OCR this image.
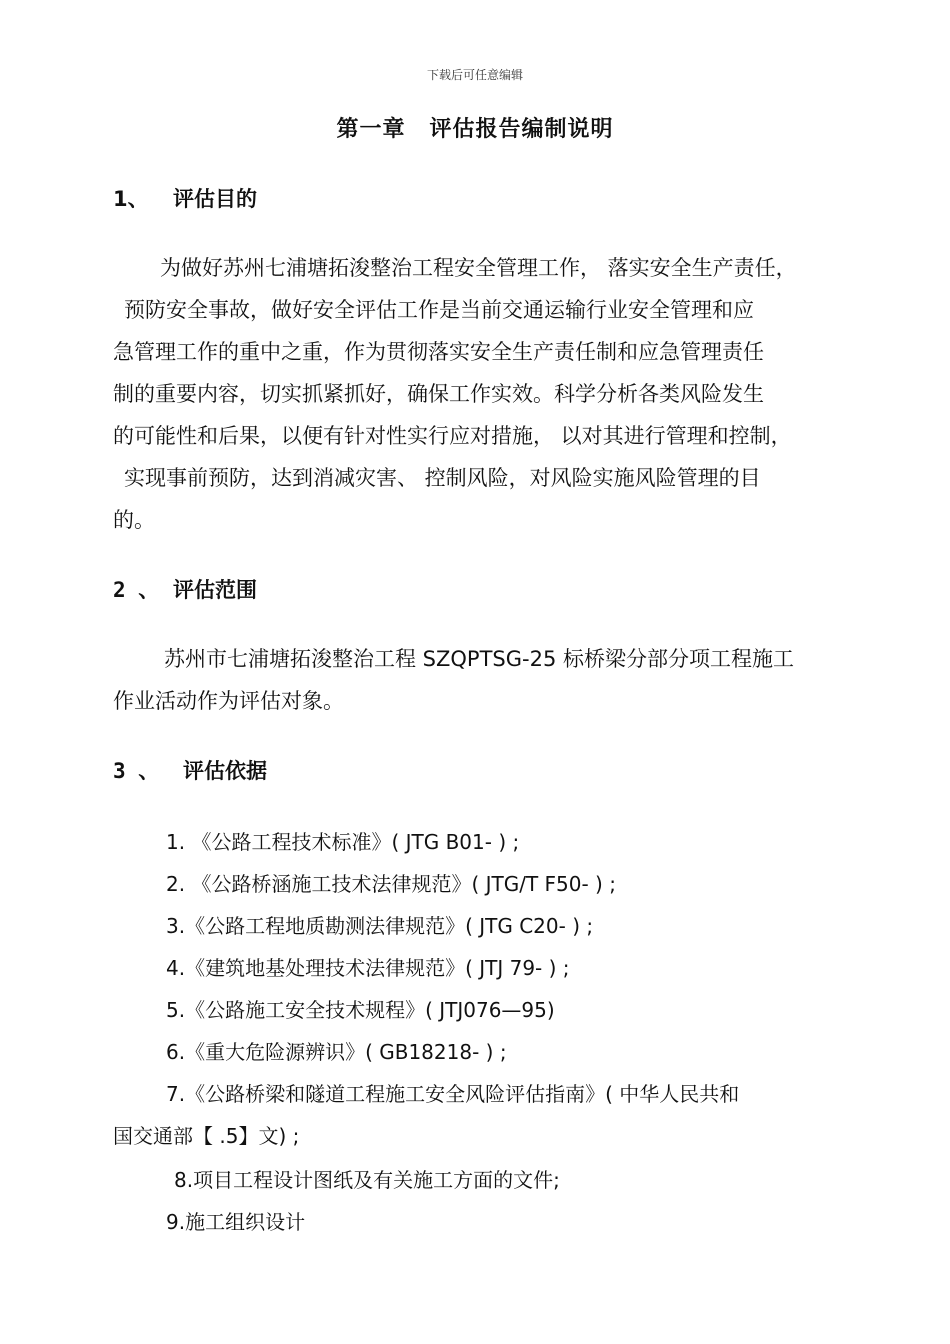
下载后可任意编辑
第一章 评估报告编制说明
1、 评估目的
为做好苏州七浦塘拓浚整治工程安全管理工作， 落实安全生产责任，
预防安全事故，做好安全评估工作是当前交通运输行业安全管理和应
急管理工作的重中之重，作为贯彻落实安全生产责任制和应急管理责任
制的重要内容，切实抓紧抓好，确保工作实效。科学分析各类风险发生
的可能性和后果，以便有针对性实行应对措施， 以对其进行管理和控制，
实现事前预防，达到消减灾害、 控制风险，对风险实施风险管理的目
的。
2 、 评估范围
苏州市七浦塘拓浚整治工程 SZQPTSG-25 标桥梁分部分项工程施工
作业活动作为评估对象。
3 、 评估依据
1. 《公路工程技术标准》( JTG B01- ) ;
2. 《公路桥涵施工技术法律规范》( JTG/T F50- ) ;
3.《公路工程地质勘测法律规范》( JTG C20- ) ;
4.《建筑地基处理技术法律规范》( JTJ 79- ) ;
5.《公路施工安全技术规程》( JTJ076—95)
6.《重大危险源辨识》( GB18218- ) ;
7.《公路桥梁和隧道工程施工安全风险评估指南》( 中华人民共和
国交通部【 .5】文) ;
8.项目工程设计图纸及有关施工方面的文件;
9.施工组织设计
